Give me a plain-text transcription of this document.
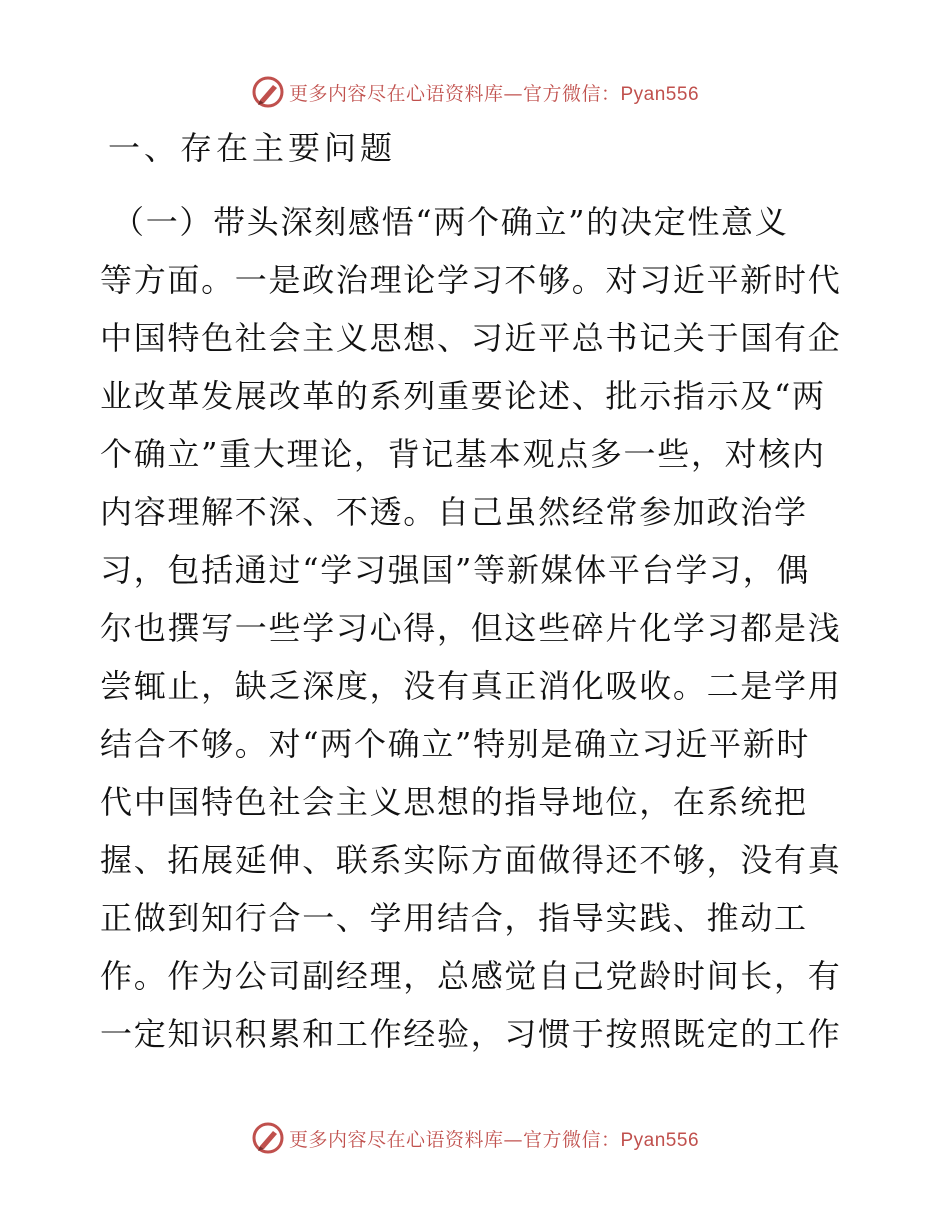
更多内容尽在心语资料库—官方微信：Pyan556
一、存在主要问题
（一）带头深刻感悟“两个确立”的决定性意义
等方面。一是政治理论学习不够。对习近平新时代
中国特色社会主义思想、习近平总书记关于国有企
业改革发展改革的系列重要论述、批示指示及“两
个确立”重大理论，背记基本观点多一些，对核内
内容理解不深、不透。自己虽然经常参加政治学
习，包括通过“学习强国”等新媒体平台学习，偶
尔也撰写一些学习心得，但这些碎片化学习都是浅
尝辄止，缺乏深度，没有真正消化吸收。二是学用
结合不够。对“两个确立”特别是确立习近平新时
代中国特色社会主义思想的指导地位，在系统把
握、拓展延伸、联系实际方面做得还不够，没有真
正做到知行合一、学用结合，指导实践、推动工
作。作为公司副经理，总感觉自己党龄时间长，有
一定知识积累和工作经验，习惯于按照既定的工作
更多内容尽在心语资料库—官方微信：Pyan556
